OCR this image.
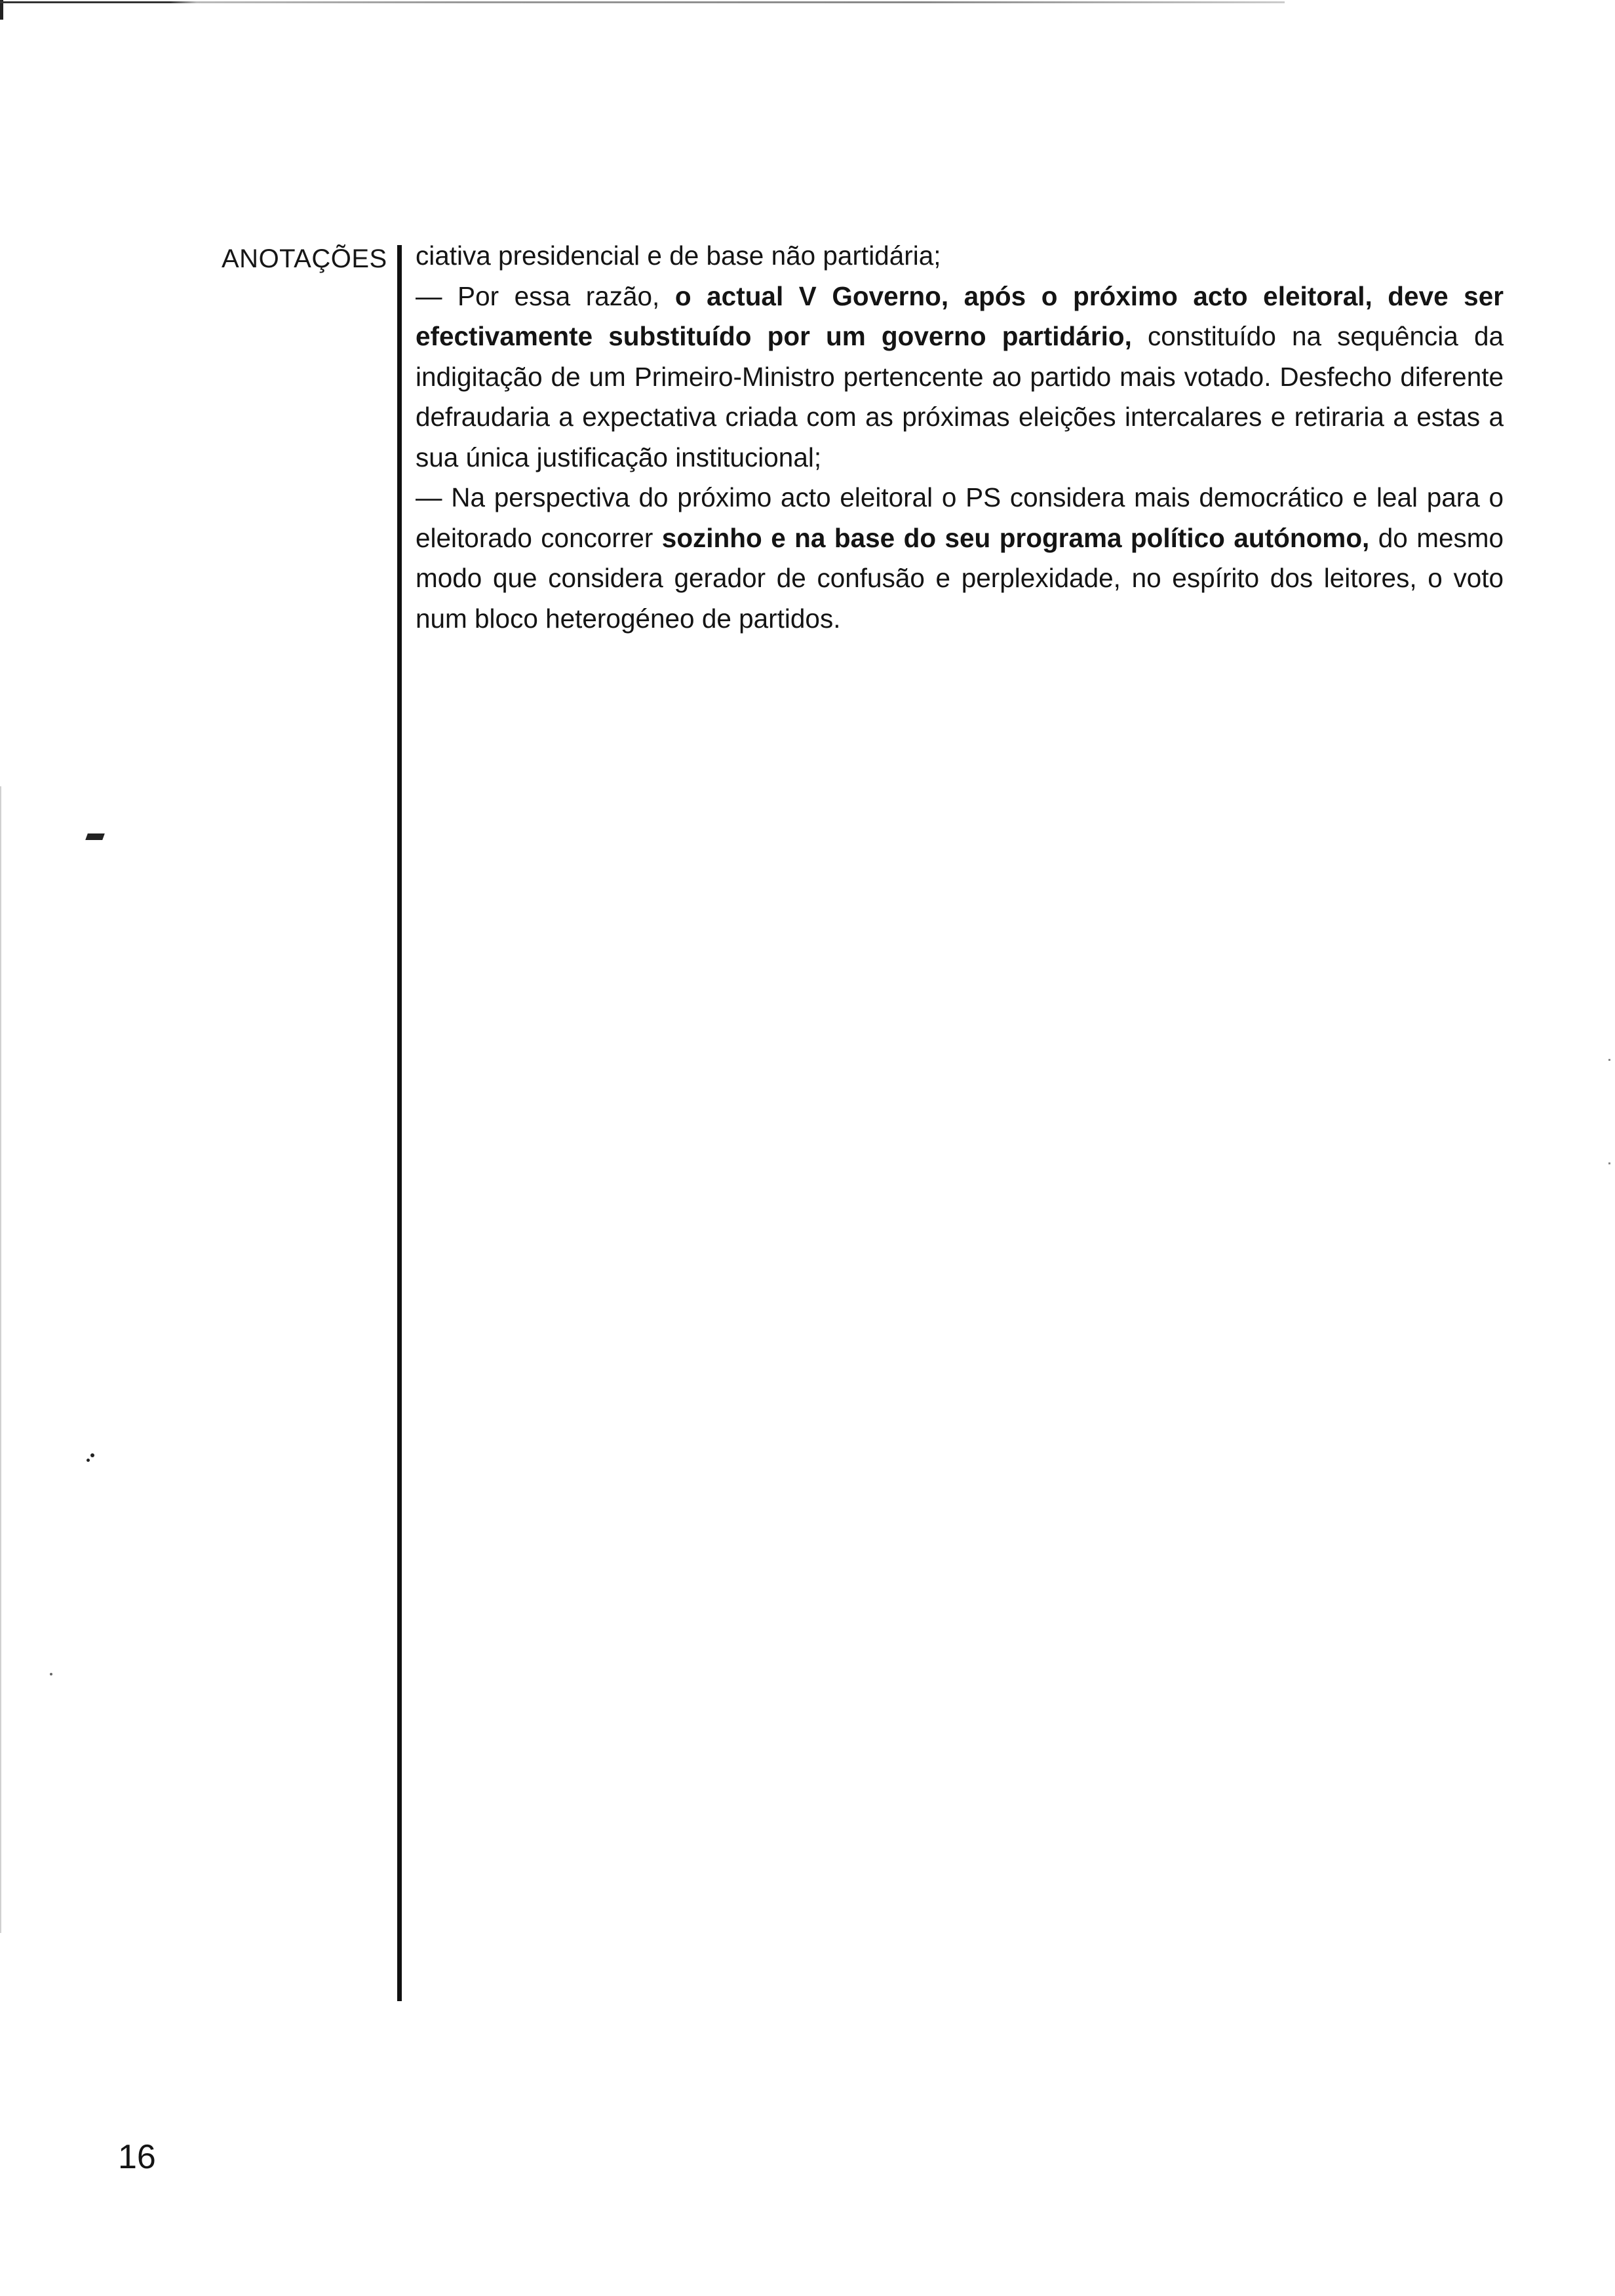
ANOTAÇÕES ciativa presidencial e de base não partidária;

— Por essa razão, o actual V Governo, após o próximo acto eleitoral, deve ser efectivamente substituído por um governo partidário, constituído na sequência da indigitação de um Primeiro-Ministro pertencente ao partido mais votado. Desfecho diferente defraudaria a expectativa criada com as próximas eleições intercalares e retiraria a estas a sua única justificação institucional;

— Na perspectiva do próximo acto eleitoral o PS considera mais democrático e leal para o eleitorado concorrer sozinho e na base do seu programa político autónomo, do mesmo modo que considera gerador de confusão e perplexidade, no espírito dos leitores, o voto num bloco heterogéneo de partidos.

16
